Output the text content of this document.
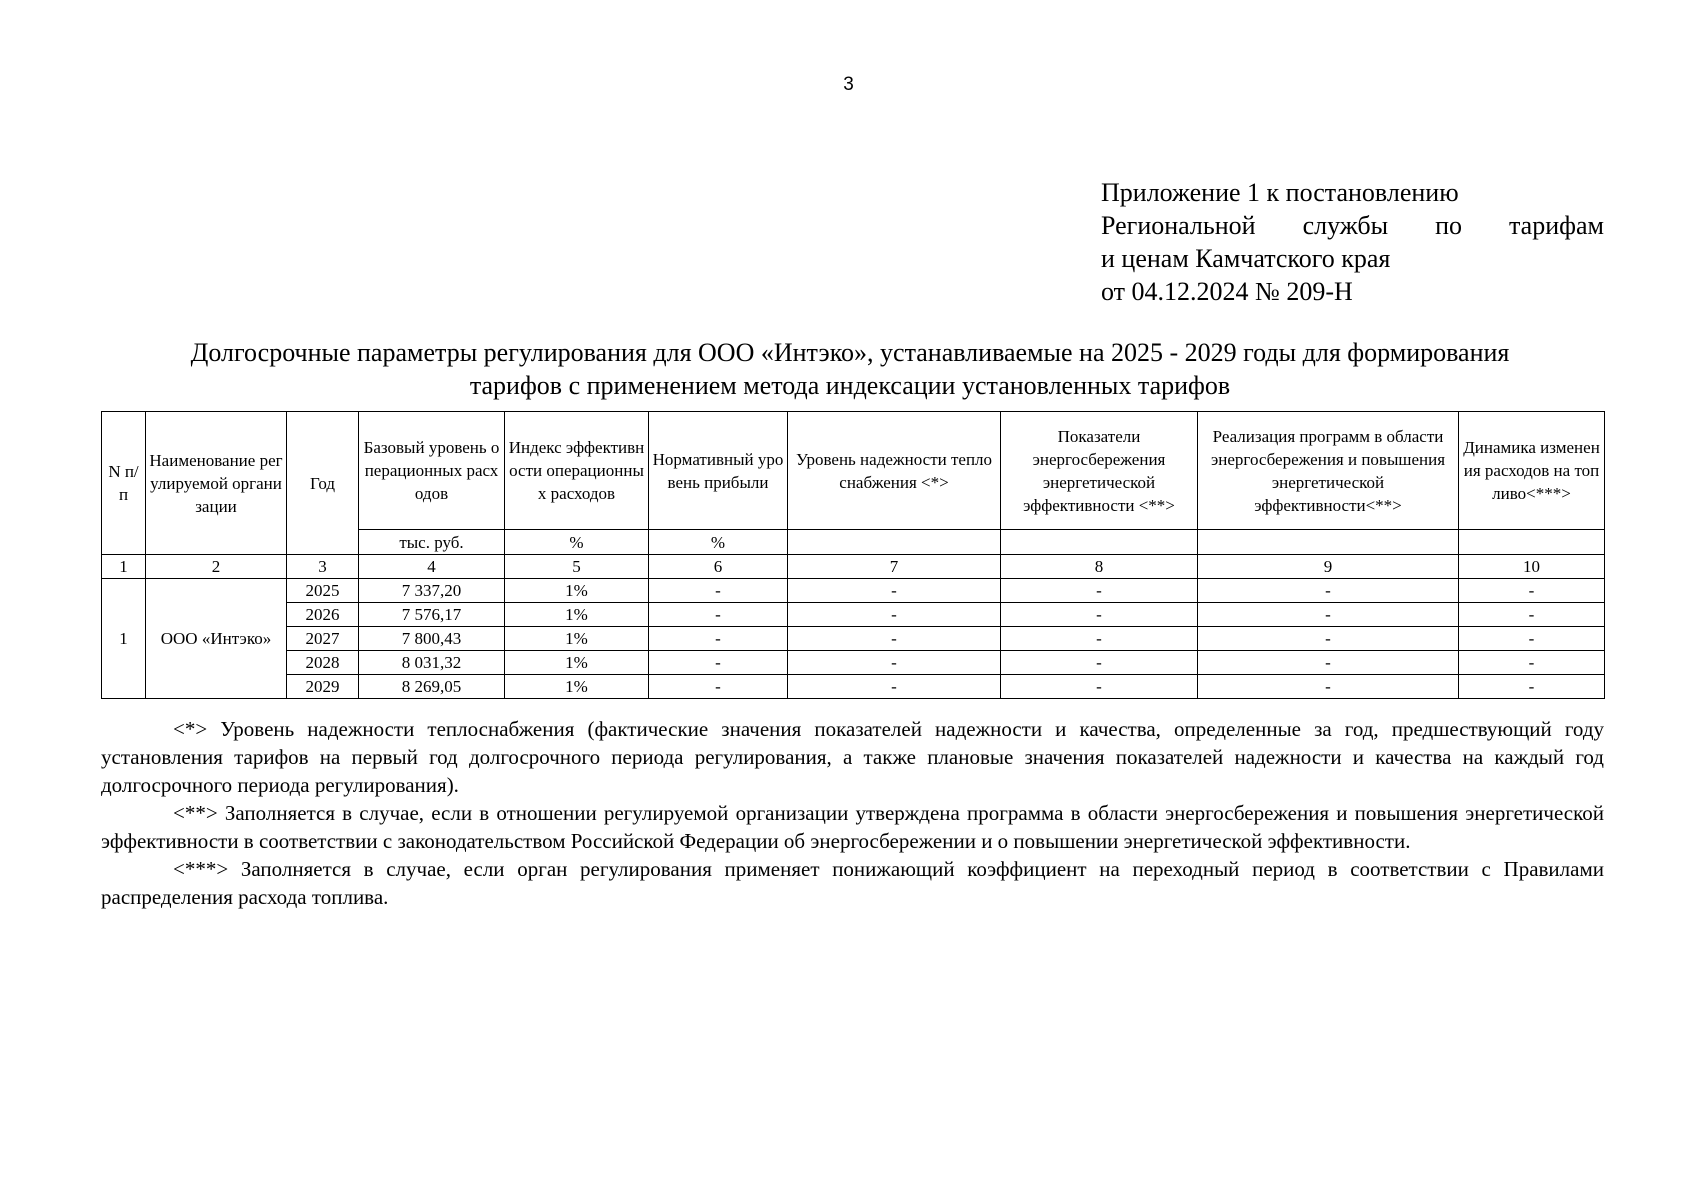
3
Приложение 1 к постановлению
Региональной службы по тарифам
и ценам Камчатского края
от 04.12.2024 № 209-Н
Долгосрочные параметры регулирования для ООО «Интэко», устанавливаемые на 2025 - 2029 годы для формирования
тарифов с применением метода индексации установленных тарифов
N п/ п	Наименование регулируемой организации	Год	Базовый уровень операционных расходов	Индекс эффективности операционных расходов	Нормативный уровень прибыли	Уровень надежности тепло снабжения <*>	Показатели энергосбережения энергетической эффективности <**>	Реализация программ в области энергосбережения и повышения энергетической эффективности<**>	Динамика изменения расходов на топливо<***>
			тыс. руб.	%	%				
1	2	3	4	5	6	7	8	9	10
1	ООО «Интэко»	2025	7 337,20	1%	-	-	-	-	-
		2026	7 576,17	1%	-	-	-	-	-
		2027	7 800,43	1%	-	-	-	-	-
		2028	8 031,32	1%	-	-	-	-	-
		2029	8 269,05	1%	-	-	-	-	-

<*> Уровень надежности теплоснабжения (фактические значения показателей надежности и качества, определенные за год, предшествующий году установления тарифов на первый год долгосрочного периода регулирования, а также плановые значения показателей надежности и качества на каждый год долгосрочного периода регулирования).

<**> Заполняется в случае, если в отношении регулируемой организации утверждена программа в области энергосбережения и повышения энергетической эффективности в соответствии с законодательством Российской Федерации об энергосбережении и о повышении энергетической эффективности.

<***> Заполняется в случае, если орган регулирования применяет понижающий коэффициент на переходный период в соответствии с Правилами распределения расхода топлива.
